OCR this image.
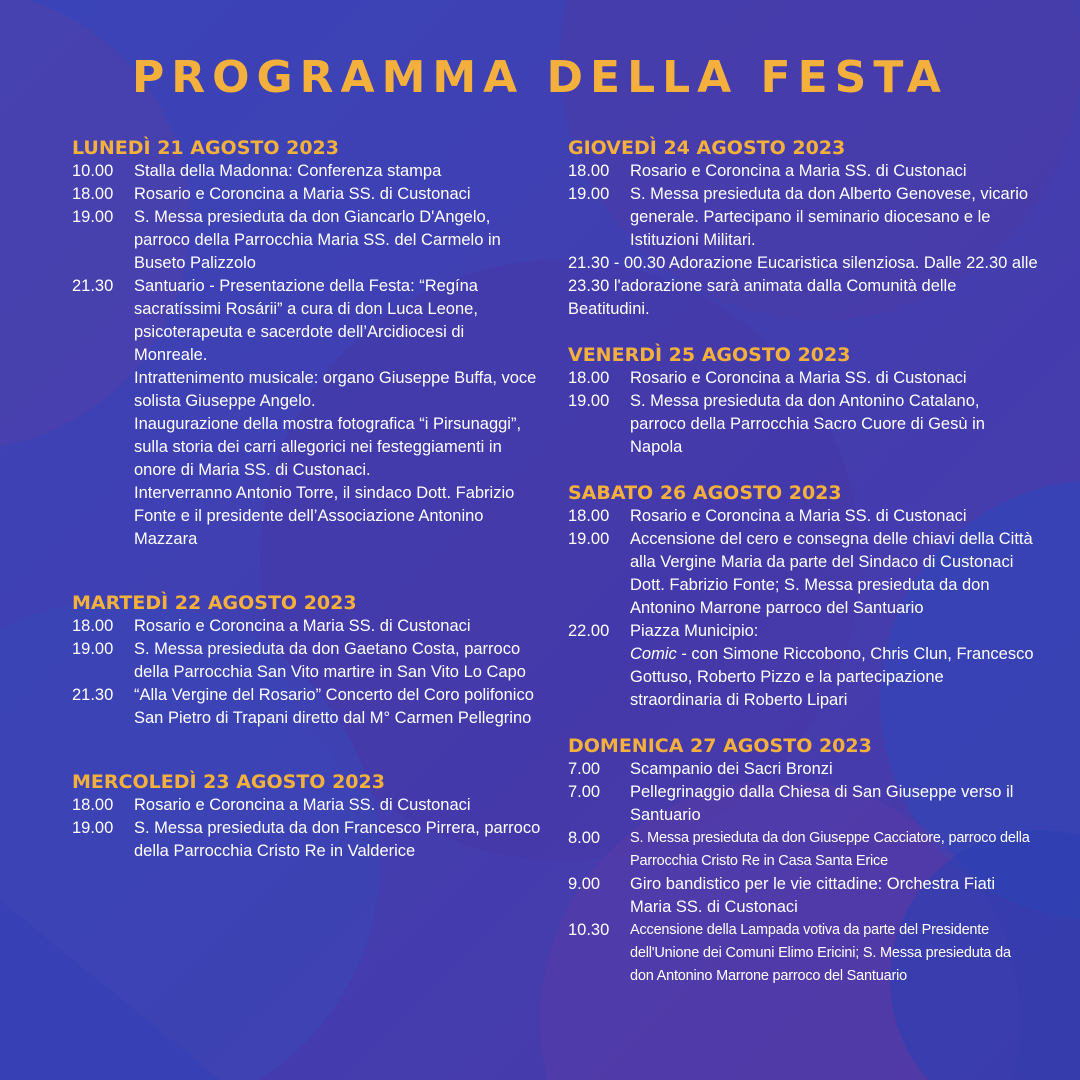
PROGRAMMA DELLA FESTA
LUNEDÌ 21 AGOSTO 2023
10.00	Stalla della Madonna: Conferenza stampa
18.00	Rosario e Coroncina a Maria SS. di Custonaci
19.00	S. Messa presieduta da don Giancarlo D'Angelo, parroco della Parrocchia Maria SS. del Carmelo in Buseto Palizzolo
21.30	Santuario - Presentazione della Festa: “Regína sacratíssimi Rosárii” a cura di don Luca Leone, psicoterapeuta e sacerdote dell’Arcidiocesi di Monreale.
Intrattenimento musicale: organo Giuseppe Buffa, voce solista Giuseppe Angelo.
Inaugurazione della mostra fotografica “i Pirsunaggi”, sulla storia dei carri allegorici nei festeggiamenti in onore di Maria SS. di Custonaci.
Interverranno Antonio Torre, il sindaco Dott. Fabrizio Fonte e il presidente dell’Associazione Antonino Mazzara
MARTEDÌ 22 AGOSTO 2023
18.00	Rosario e Coroncina a Maria SS. di Custonaci
19.00	S. Messa presieduta da don Gaetano Costa, parroco della Parrocchia San Vito martire in San Vito Lo Capo
21.30	“Alla Vergine del Rosario” Concerto del Coro polifonico San Pietro di Trapani diretto dal M° Carmen Pellegrino
MERCOLEDÌ 23 AGOSTO 2023
18.00	Rosario e Coroncina a Maria SS. di Custonaci
19.00	S. Messa presieduta da don Francesco Pirrera, parroco della Parrocchia Cristo Re in Valderice
GIOVEDÌ 24 AGOSTO 2023
18.00	Rosario e Coroncina a Maria SS. di Custonaci
19.00	S. Messa presieduta da don Alberto Genovese, vicario generale. Partecipano il seminario diocesano e le Istituzioni Militari.
21.30 - 00.30 Adorazione Eucaristica silenziosa. Dalle 22.30 alle 23.30 l'adorazione sarà animata dalla Comunità delle Beatitudini.
VENERDÌ 25 AGOSTO 2023
18.00	Rosario e Coroncina a Maria SS. di Custonaci
19.00	S. Messa presieduta da don Antonino Catalano, parroco della Parrocchia Sacro Cuore di Gesù in Napola
SABATO 26 AGOSTO 2023
18.00	Rosario e Coroncina a Maria SS. di Custonaci
19.00	Accensione del cero e consegna delle chiavi della Città alla Vergine Maria da parte del Sindaco di Custonaci Dott. Fabrizio Fonte; S. Messa presieduta da don Antonino Marrone parroco del Santuario
22.00	Piazza Municipio:
Comic - con Simone Riccobono, Chris Clun, Francesco Gottuso, Roberto Pizzo e la partecipazione straordinaria di Roberto Lipari
DOMENICA 27 AGOSTO 2023
7.00	Scampanio dei Sacri Bronzi
7.00	Pellegrinaggio dalla Chiesa di San Giuseppe verso il Santuario
8.00	S. Messa presieduta da don Giuseppe Cacciatore, parroco della Parrocchia Cristo Re in Casa Santa Erice
9.00	Giro bandistico per le vie cittadine: Orchestra Fiati Maria SS. di Custonaci
10.30	Accensione della Lampada votiva da parte del Presidente dell'Unione dei Comuni Elimo Ericini; S. Messa presieduta da don Antonino Marrone parroco del Santuario
